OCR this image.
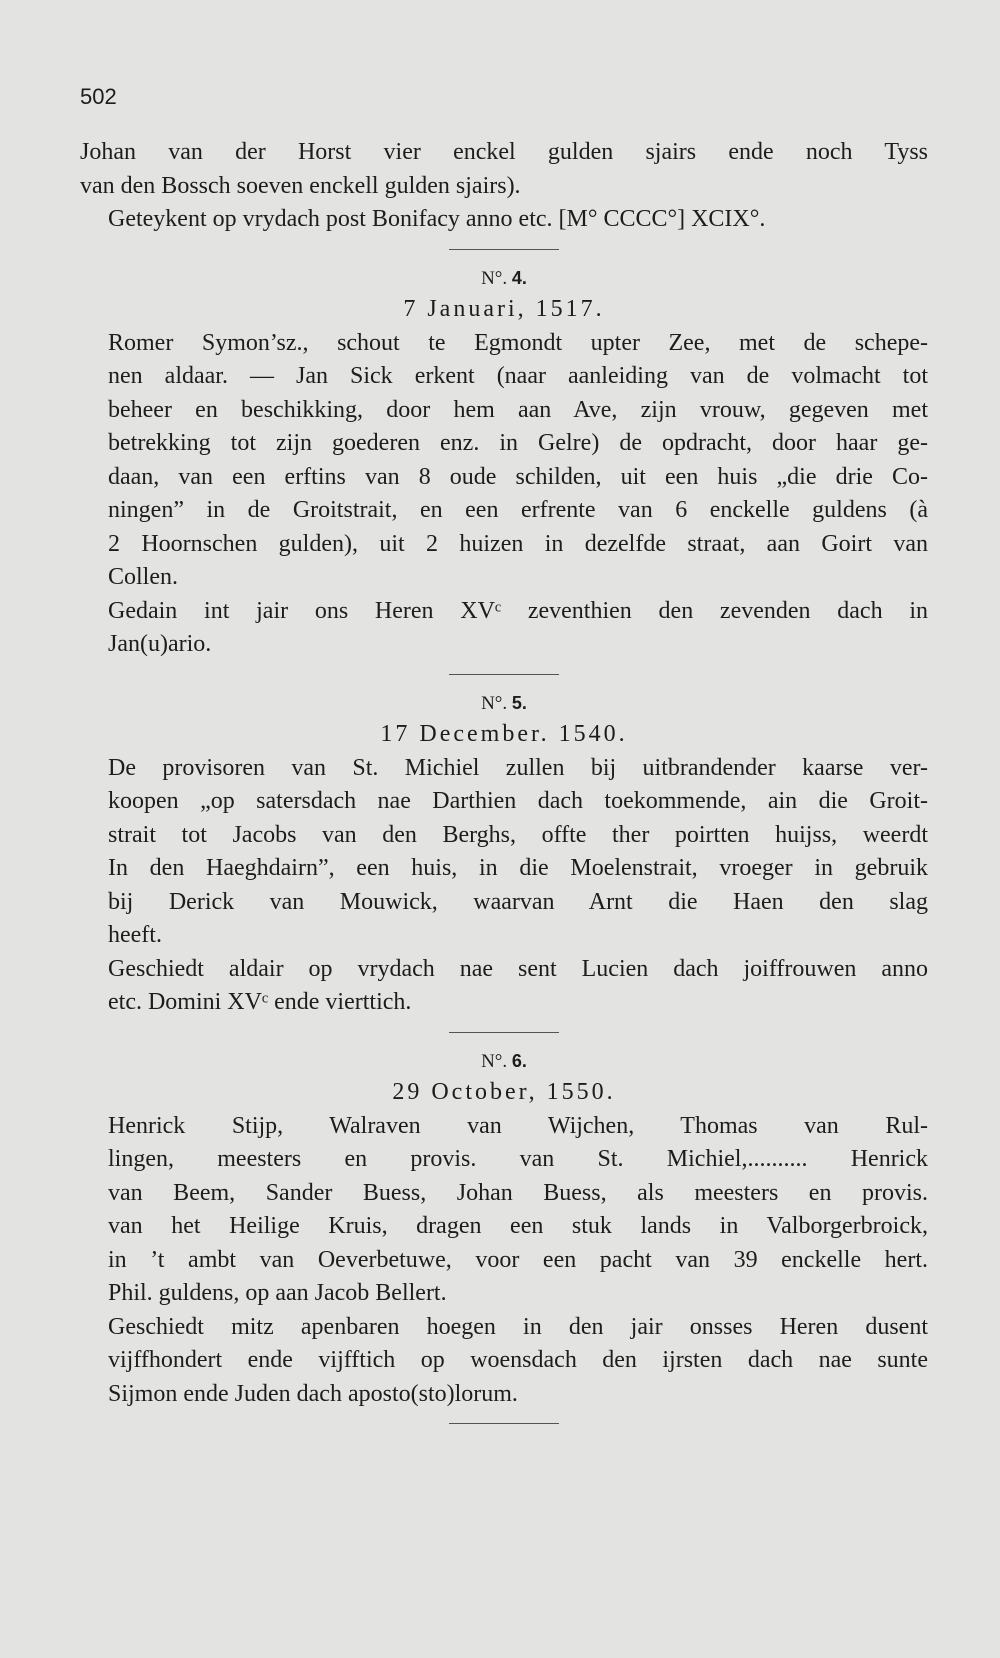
502
Johan van der Horst vier enckel gulden sjairs ende noch Tyss
van den Bossch soeven enckell gulden sjairs).
Geteykent op vrydach post Bonifacy anno etc. [M° CCCC°] XCIX°.
N°. 4.
7 Januari, 1517.
Romer Symon’sz., schout te Egmondt upter Zee, met de schepe-
nen aldaar. — Jan Sick erkent (naar aanleiding van de volmacht tot
beheer en beschikking, door hem aan Ave, zijn vrouw, gegeven met
betrekking tot zijn goederen enz. in Gelre) de opdracht, door haar ge-
daan, van een erftins van 8 oude schilden, uit een huis „die drie Co-
ningen” in de Groitstrait, en een erfrente van 6 enckelle guldens (à
2 Hoornschen gulden), uit 2 huizen in dezelfde straat, aan Goirt van
Collen.
Gedain int jair ons Heren XVᶜ zeventhien den zevenden dach in
Jan(u)ario.
N°. 5.
17 December. 1540.
De provisoren van St. Michiel zullen bij uitbrandender kaarse ver-
koopen „op satersdach nae Darthien dach toekommende, ain die Groit-
strait tot Jacobs van den Berghs, offte ther poirtten huijss, weerdt
In den Haeghdairn”, een huis, in die Moelenstrait, vroeger in gebruik
bij Derick van Mouwick, waarvan Arnt die Haen den slag
heeft.
Geschiedt aldair op vrydach nae sent Lucien dach joiffrouwen anno
etc. Domini XVᶜ ende vierttich.
N°. 6.
29 October, 1550.
Henrick Stijp, Walraven van Wijchen, Thomas van Rul-
lingen, meesters en provis. van St. Michiel,.......... Henrick
van Beem, Sander Buess, Johan Buess, als meesters en provis.
van het Heilige Kruis, dragen een stuk lands in Valborgerbroick,
in ’t ambt van Oeverbetuwe, voor een pacht van 39 enckelle hert.
Phil. guldens, op aan Jacob Bellert.
Geschiedt mitz apenbaren hoegen in den jair onsses Heren dusent
vijffhondert ende vijfftich op woensdach den ijrsten dach nae sunte
Sijmon ende Juden dach aposto(sto)lorum.
